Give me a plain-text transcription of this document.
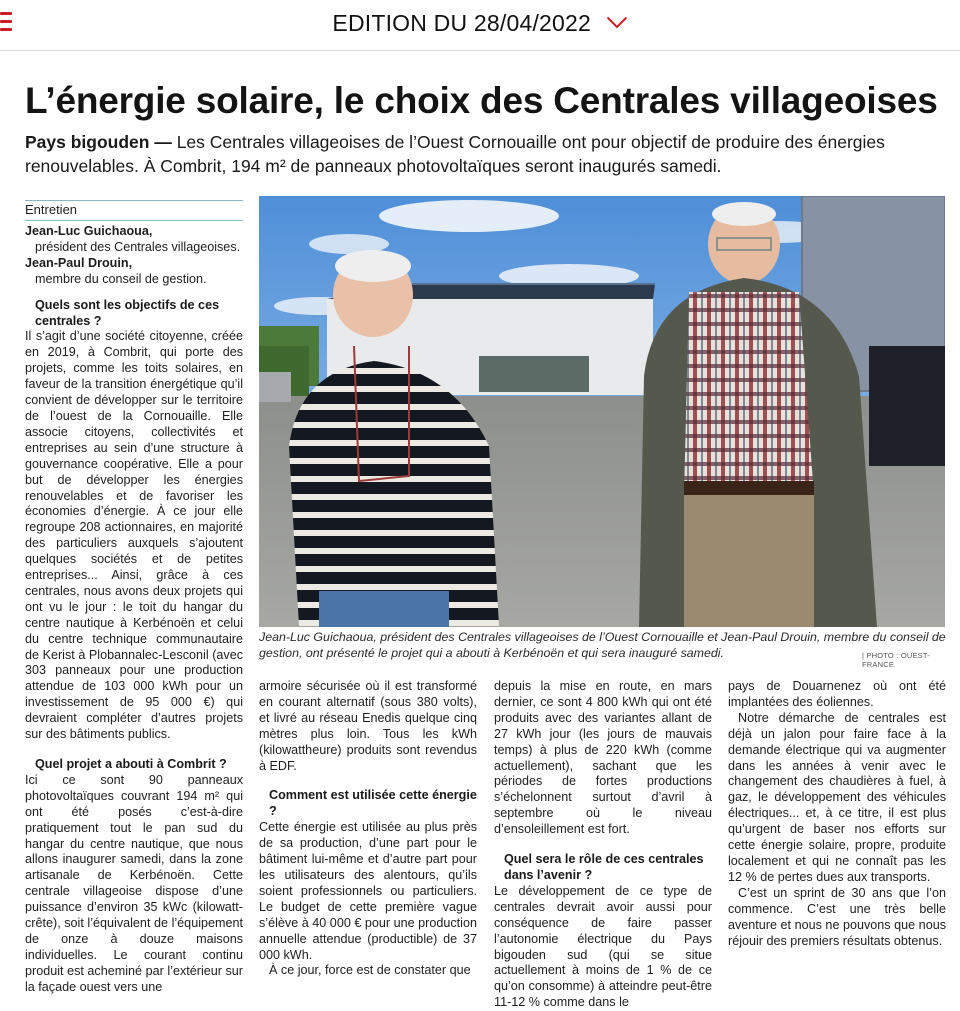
EDITION DU 28/04/2022
L’énergie solaire, le choix des Centrales villageoises
Pays bigouden — Les Centrales villageoises de l’Ouest Cornouaille ont pour objectif de produire des énergies renouvelables. À Combrit, 194 m² de panneaux photovoltaïques seront inaugurés samedi.
Entretien
Jean-Luc Guichaoua,
président des Centrales villageoises.
Jean-Paul Drouin,
membre du conseil de gestion.
Quels sont les objectifs de ces centrales ?

Il s’agit d’une société citoyenne, créée en 2019, à Combrit, qui porte des projets, comme les toits solaires, en faveur de la transition énergétique qu’il convient de développer sur le territoire de l’ouest de la Cornouaille. Elle associe citoyens, collectivités et entreprises au sein d’une structure à gouvernance coopérative. Elle a pour but de développer les énergies renouvelables et de favoriser les économies d’énergie. À ce jour elle regroupe 208 actionnaires, en majorité des particuliers auxquels s’ajoutent quelques sociétés et de petites entreprises... Ainsi, grâce à ces centrales, nous avons deux projets qui ont vu le jour : le toit du hangar du centre nautique à Kerbénoën et celui du centre technique communautaire de Kerist à Plobannalec-Lesconil (avec 303 panneaux pour une production attendue de 103 000 kWh pour un investissement de 95 000 €) qui devraient compléter d’autres projets sur des bâtiments publics.

Quel projet a abouti à Combrit ?

Ici ce sont 90 panneaux photovoltaïques couvrant 194 m² qui ont été posés c’est-à-dire pratiquement tout le pan sud du hangar du centre nautique, que nous allons inaugurer samedi, dans la zone artisanale de Kerbénoën. Cette centrale villageoise dispose d’une puissance d’environ 35 kWc (kilowatt-crête), soit l’équivalent de l’équipement de onze à douze maisons individuelles. Le courant continu produit est acheminé par l’extérieur sur la façade ouest vers une

Jean-Luc Guichaoua, président des Centrales villageoises de l’Ouest Cornouaille et Jean-Paul Drouin, membre du conseil de gestion, ont présenté le projet qui a abouti à Kerbénoën et qui sera inauguré samedi.	| PHOTO : OUEST-FRANCE

armoire sécurisée où il est transformé en courant alternatif (sous 380 volts), et livré au réseau Enedis quelque cinq mètres plus loin. Tous les kWh (kilowattheure) produits sont revendus à EDF.

Comment est utilisée cette énergie ?

Cette énergie est utilisée au plus près de sa production, d’une part pour le bâtiment lui-même et d’autre part pour les utilisateurs des alentours, qu’ils soient professionnels ou particuliers. Le budget de cette première vague s’élève à 40 000 € pour une production annuelle attendue (productible) de 37 000 kWh.

À ce jour, force est de constater que

depuis la mise en route, en mars dernier, ce sont 4 800 kWh qui ont été produits avec des variantes allant de 27 kWh jour (les jours de mauvais temps) à plus de 220 kWh (comme actuellement), sachant que les périodes de fortes productions s’échelonnent surtout d’avril à septembre où le niveau d’ensoleillement est fort.

Quel sera le rôle de ces centrales dans l’avenir ?

Le développement de ce type de centrales devrait avoir aussi pour conséquence de faire passer l’autonomie électrique du Pays bigouden sud (qui se situe actuellement à moins de 1 % de ce qu’on consomme) à atteindre peut-être 11-12 % comme dans le

pays de Douarnenez où ont été implantées des éoliennes.

Notre démarche de centrales est déjà un jalon pour faire face à la demande électrique qui va augmenter dans les années à venir avec le changement des chaudières à fuel, à gaz, le développement des véhicules électriques... et, à ce titre, il est plus qu’urgent de baser nos efforts sur cette énergie solaire, propre, produite localement et qui ne connaît pas les 12 % de pertes dues aux transports.

C’est un sprint de 30 ans que l’on commence. C’est une très belle aventure et nous ne pouvons que nous réjouir des premiers résultats obtenus.
